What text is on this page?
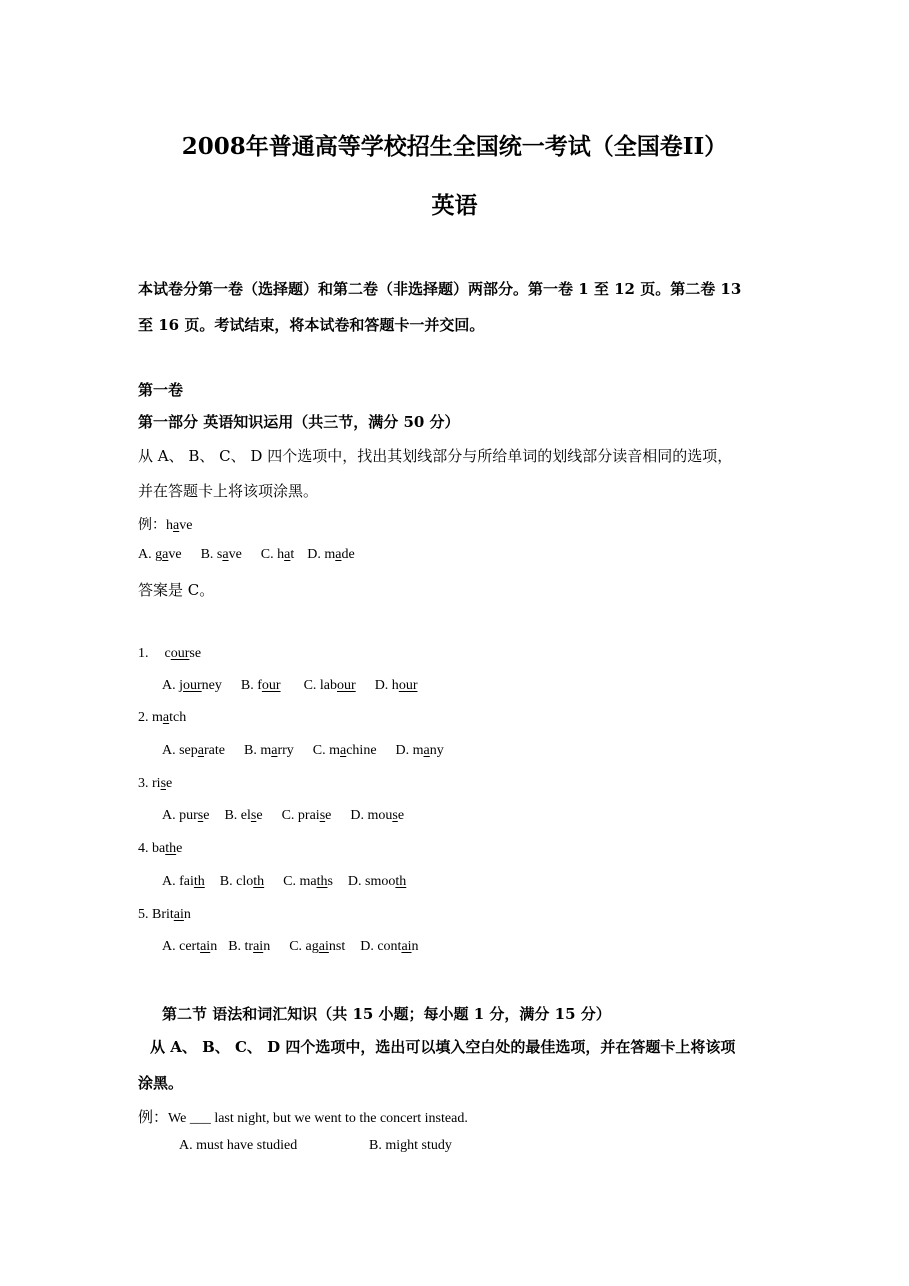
2008年普通高等学校招生全国统一考试（全国卷II）
英语
本试卷分第一卷（选择题）和第二卷（非选择题）两部分。第一卷 1 至 12 页。第二卷 13
至 16 页。考试结束，将本试卷和答题卡一并交回。
第一卷
第一部分 英语知识运用（共三节，满分 50 分）
从 A、 B、 C、 D 四个选项中，找出其划线部分与所给单词的划线部分读音相同的选项，
并在答题卡上将该项涂黑。
例：have
A. gave B. save C. hat D. made
答案是 C。
1. course
A. journey B. four C. labour D. hour
2. match
A. separate B. marry C. machine D. many
3. rise
A. purse B. else C. praise D. mouse
4. bathe
A. faith B. cloth C. maths D. smooth
5. Britain
A. certain B. train C. against D. contain
第二节 语法和词汇知识（共 15 小题；每小题 1 分，满分 15 分）
从 A、 B、 C、 D 四个选项中，选出可以填入空白处的最佳选项，并在答题卡上将该项
涂黑。
例：We ___ last night, but we went to the concert instead.
A. must have studied	B. might study
